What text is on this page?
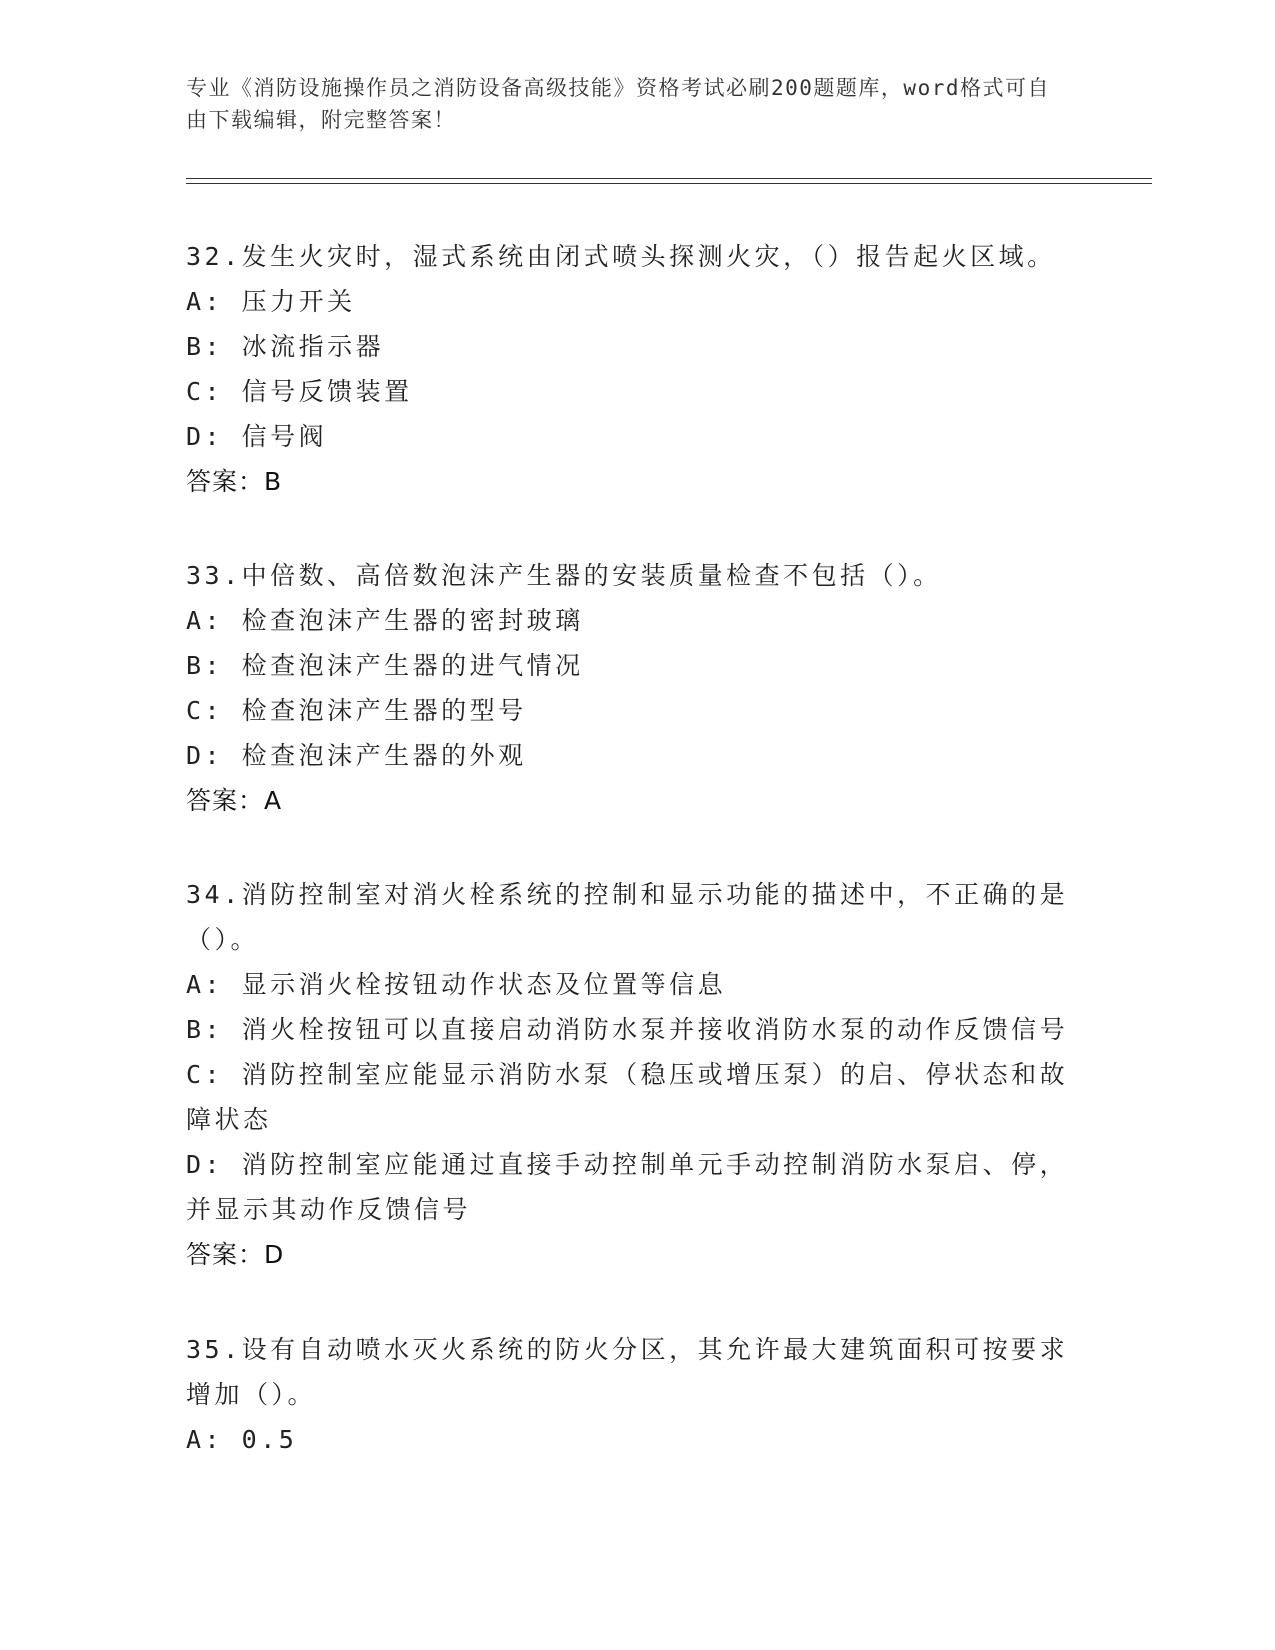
专业《消防设施操作员之消防设备高级技能》资格考试必刷200题题库，word格式可自由下载编辑，附完整答案！

32.发生火灾时，湿式系统由闭式喷头探测火灾，（）报告起火区域。

A: 压力开关

B: 冰流指示器

C: 信号反馈装置

D: 信号阀

答案：B

33.中倍数、高倍数泡沫产生器的安装质量检查不包括（）。

A: 检查泡沫产生器的密封玻璃

B: 检查泡沫产生器的进气情况

C: 检查泡沫产生器的型号

D: 检查泡沫产生器的外观

答案：A

34.消防控制室对消火栓系统的控制和显示功能的描述中，不正确的是（）。

A: 显示消火栓按钮动作状态及位置等信息

B: 消火栓按钮可以直接启动消防水泵并接收消防水泵的动作反馈信号

C: 消防控制室应能显示消防水泵（稳压或增压泵）的启、停状态和故障状态

D: 消防控制室应能通过直接手动控制单元手动控制消防水泵启、停，并显示其动作反馈信号

答案：D

35.设有自动喷水灭火系统的防火分区，其允许最大建筑面积可按要求增加（）。

A: 0.5
